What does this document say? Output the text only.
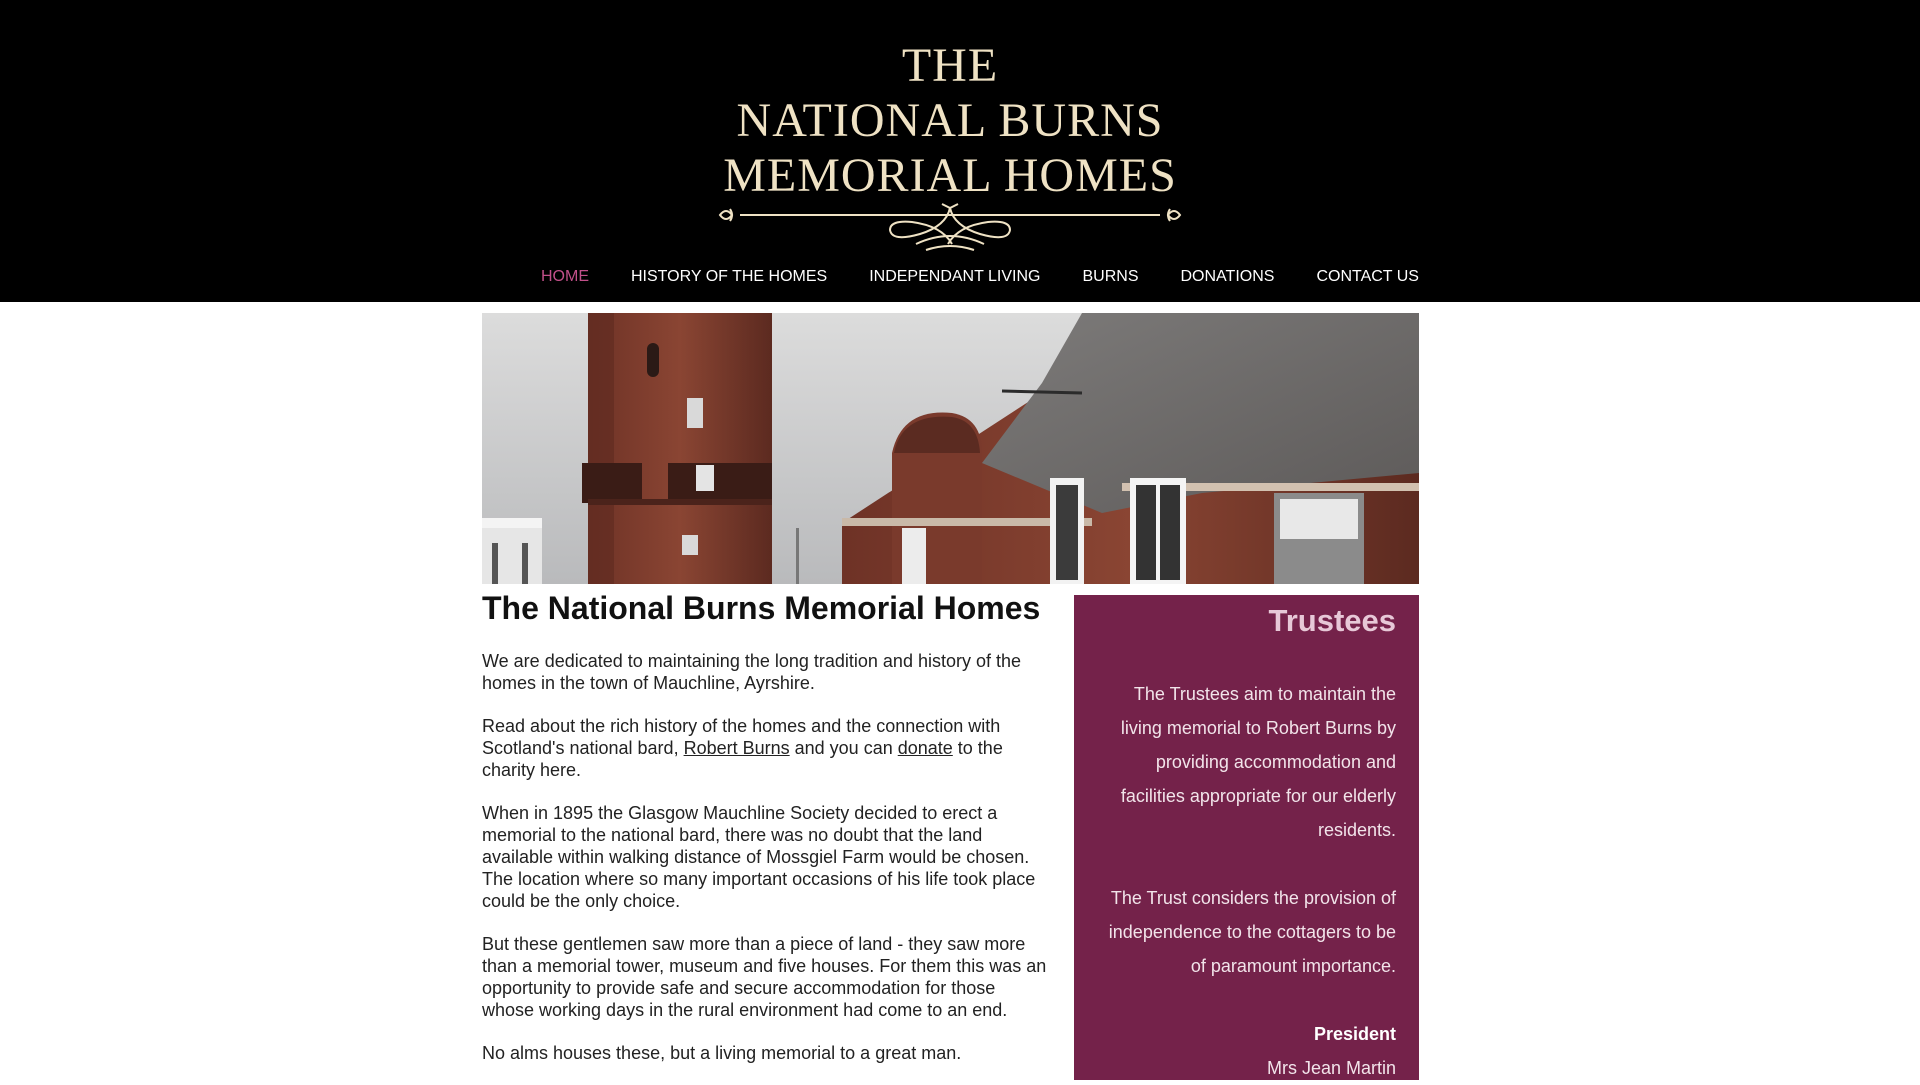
THE
NATIONAL BURNS
MEMORIAL HOMES
HOME	HISTORY OF THE HOMES	INDEPENDANT LIVING	BURNS	DONATIONS	CONTACT US
The National Burns Memorial Homes

We are dedicated to maintaining the long tradition and history of the homes in the town of Mauchline, Ayrshire.

Read about the rich history of the homes and the connection with Scotland's national bard, Robert Burns and you can donate to the charity here.

When in 1895 the Glasgow Mauchline Society decided to erect a memorial to the national bard, there was no doubt that the land available within walking distance of Mossgiel Farm would be chosen. The location where so many important occasions of his life took place could be the only choice.

But these gentlemen saw more than a piece of land - they saw more than a memorial tower, museum and five houses. For them this was an opportunity to provide safe and secure accommodation for those whose working days in the rural environment had come to an end.

No alms houses these, but a living memorial to a great man.

Trustees
The Trustees aim to maintain the living memorial to Robert Burns by providing accommodation and facilities appropriate for our elderly residents.
The Trust considers the provision of independence to the cottagers to be of paramount importance.
President
Mrs Jean Martin
